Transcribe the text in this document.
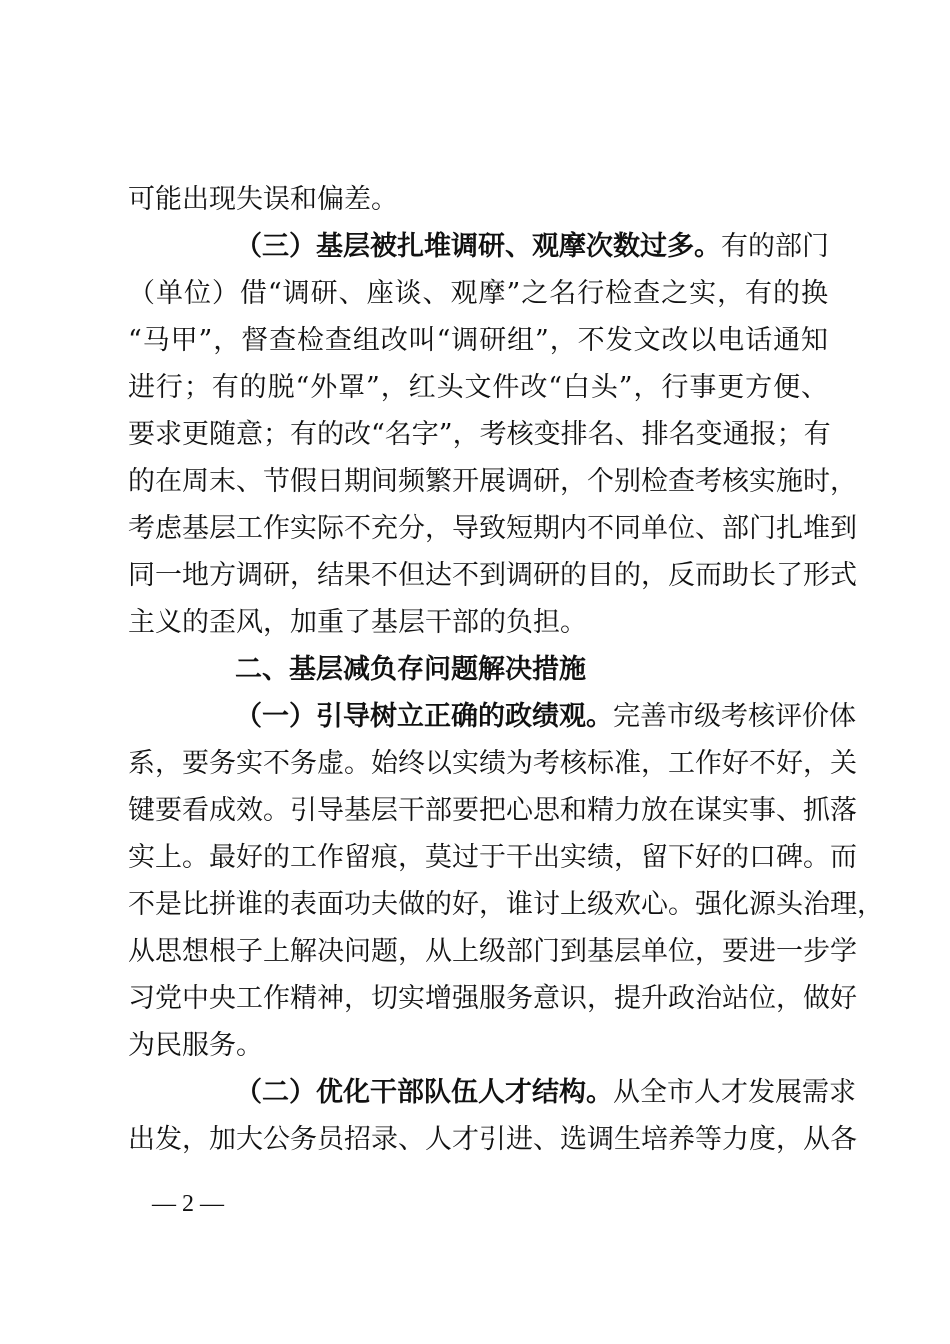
可能出现失误和偏差。
（三）基层被扎堆调研、观摩次数过多。有的部门
（单位）借“调研、座谈、观摩”之名行检查之实，有的换
“马甲”，督查检查组改叫“调研组”，不发文改以电话通知
进行；有的脱“外罩”，红头文件改“白头”，行事更方便、
要求更随意；有的改“名字”，考核变排名、排名变通报；有
的在周末、节假日期间频繁开展调研，个别检查考核实施时，
考虑基层工作实际不充分，导致短期内不同单位、部门扎堆到
同一地方调研，结果不但达不到调研的目的，反而助长了形式
主义的歪风，加重了基层干部的负担。
二、基层减负存问题解决措施
（一）引导树立正确的政绩观。完善市级考核评价体
系，要务实不务虚。始终以实绩为考核标准，工作好不好，关
键要看成效。引导基层干部要把心思和精力放在谋实事、抓落
实上。最好的工作留痕，莫过于干出实绩，留下好的口碑。而
不是比拼谁的表面功夫做的好，谁讨上级欢心。强化源头治理，
从思想根子上解决问题，从上级部门到基层单位，要进一步学
习党中央工作精神，切实增强服务意识，提升政治站位，做好
为民服务。
（二）优化干部队伍人才结构。从全市人才发展需求
出发，加大公务员招录、人才引进、选调生培养等力度，从各
— 2 —
